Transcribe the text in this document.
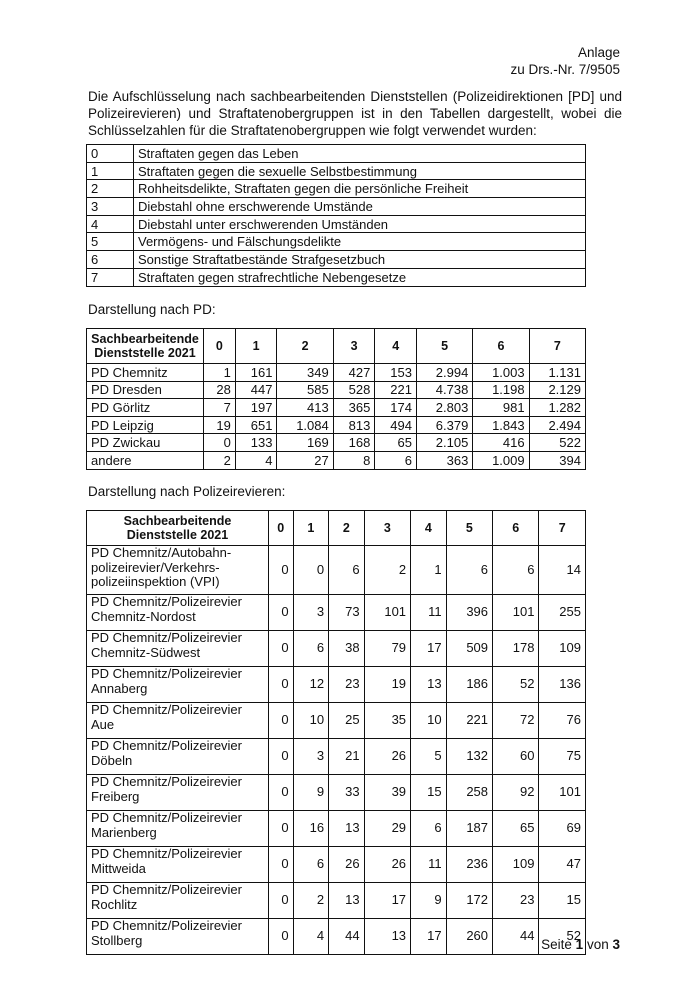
Anlage
zu Drs.-Nr. 7/9505

Die Aufschlüsselung nach sachbearbeitenden Dienststellen (Polizeidirektionen [PD] und Polizeirevieren) und Straftatenobergruppen ist in den Tabellen dargestellt, wobei die Schlüsselzahlen für die Straftatenobergruppen wie folgt verwendet wurden:

0	Straftaten gegen das Leben
1	Straftaten gegen die sexuelle Selbstbestimmung
2	Rohheitsdelikte, Straftaten gegen die persönliche Freiheit
3	Diebstahl ohne erschwerende Umstände
4	Diebstahl unter erschwerenden Umständen
5	Vermögens- und Fälschungsdelikte
6	Sonstige Straftatbestände Strafgesetzbuch
7	Straftaten gegen strafrechtliche Nebengesetze
Darstellung nach PD:
Sachbearbeitende Dienststelle 2021	0	1	2	3	4	5	6	7
PD Chemnitz	1	161	349	427	153	2.994	1.003	1.131
PD Dresden	28	447	585	528	221	4.738	1.198	2.129
PD Görlitz	7	197	413	365	174	2.803	981	1.282
PD Leipzig	19	651	1.084	813	494	6.379	1.843	2.494
PD Zwickau	0	133	169	168	65	2.105	416	522
andere	2	4	27	8	6	363	1.009	394
Darstellung nach Polizeirevieren:
Sachbearbeitende Dienststelle 2021	0	1	2	3	4	5	6	7
PD Chemnitz/Autobahn-polizeirevier/Verkehrs-polizeiinspektion (VPI)	0	0	6	2	1	6	6	14
PD Chemnitz/Polizeirevier Chemnitz-Nordost	0	3	73	101	11	396	101	255
PD Chemnitz/Polizeirevier Chemnitz-Südwest	0	6	38	79	17	509	178	109
PD Chemnitz/Polizeirevier Annaberg	0	12	23	19	13	186	52	136
PD Chemnitz/Polizeirevier Aue	0	10	25	35	10	221	72	76
PD Chemnitz/Polizeirevier Döbeln	0	3	21	26	5	132	60	75
PD Chemnitz/Polizeirevier Freiberg	0	9	33	39	15	258	92	101
PD Chemnitz/Polizeirevier Marienberg	0	16	13	29	6	187	65	69
PD Chemnitz/Polizeirevier Mittweida	0	6	26	26	11	236	109	47
PD Chemnitz/Polizeirevier Rochlitz	0	2	13	17	9	172	23	15
PD Chemnitz/Polizeirevier Stollberg	0	4	44	13	17	260	44	52
Seite 1 von 3
